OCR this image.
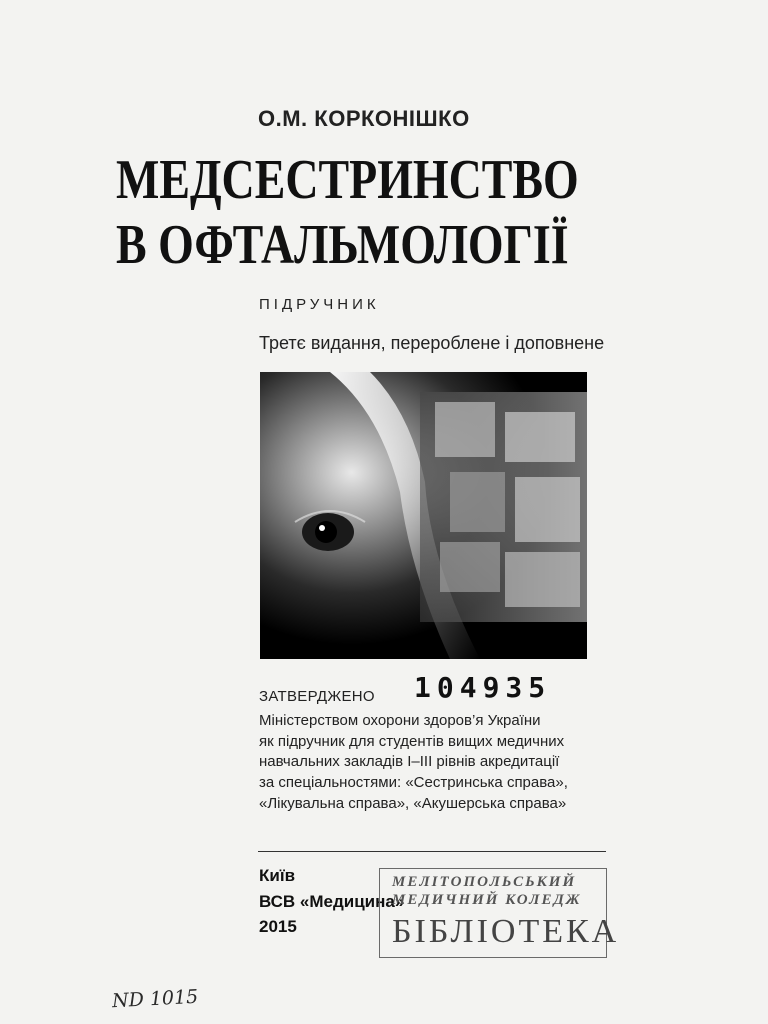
О.М. КОРКОНІШКО
МЕДСЕСТРИНСТВО
В ОФТАЛЬМОЛОГІЇ
ПІДРУЧНИК
Третє видання, перероблене і доповнене
ЗАТВЕРДЖЕНО 104935
Міністерством охорони здоров’я України
як підручник для студентів вищих медичних
навчальних закладів I–III рівнів акредитації
за спеціальностями: «Сестринська справа»,
«Лікувальна справа», «Акушерська справа»
Київ
ВСВ «Медицина»
2015
МЕЛІТОПОЛЬСЬКИЙ
МЕДИЧНИЙ КОЛЕДЖ
БІБЛІОТЕКА
ND 1015
